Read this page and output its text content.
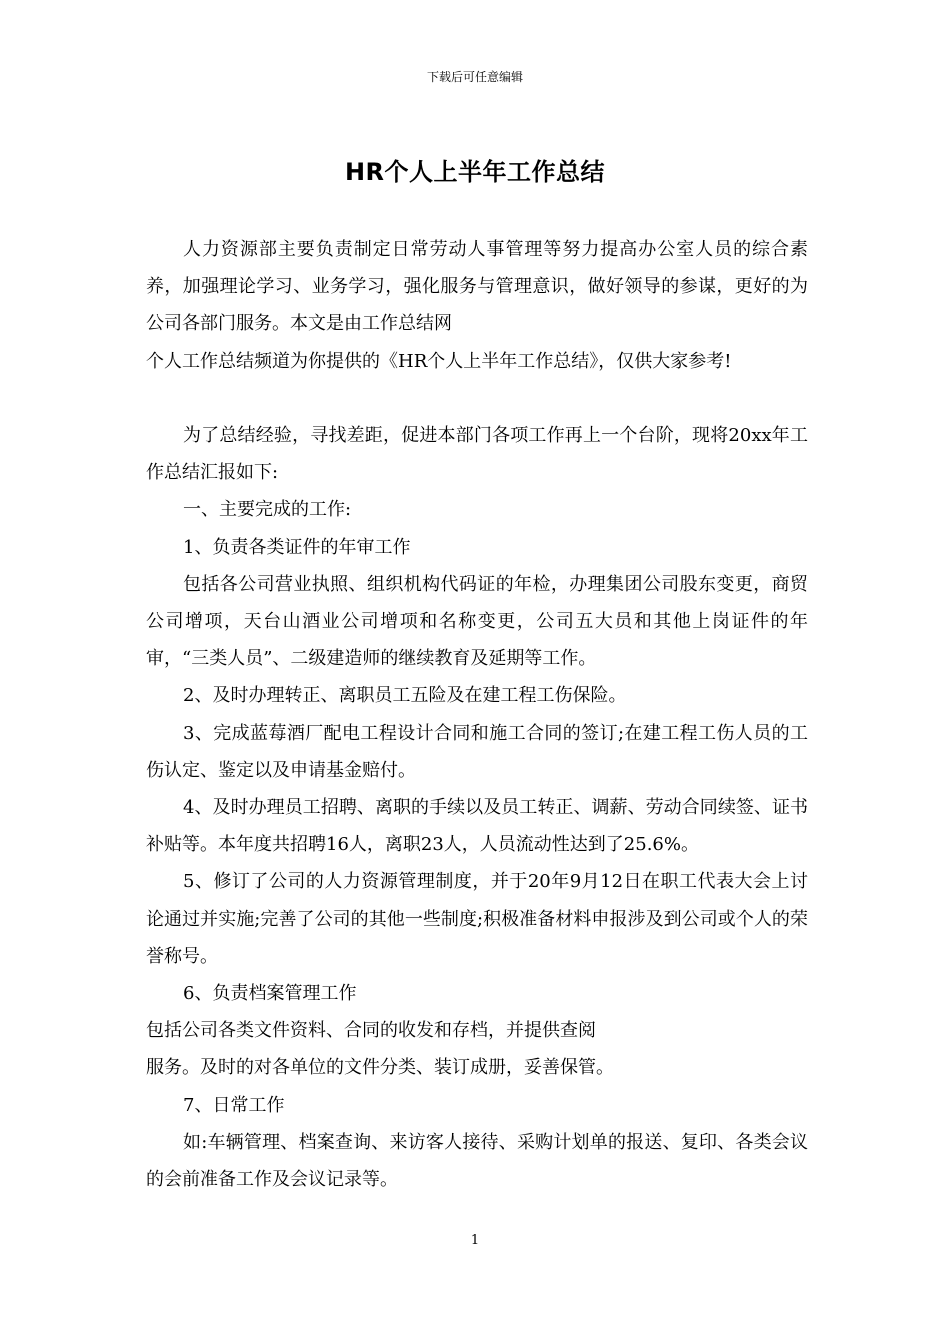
下载后可任意编辑
HR个人上半年工作总结

人力资源部主要负责制定日常劳动人事管理等努力提高办公室人员的综合素养，加强理论学习、业务学习，强化服务与管理意识，做好领导的参谋，更好的为公司各部门服务。本文是由工作总结网

个人工作总结频道为你提供的《HR个人上半年工作总结》，仅供大家参考!

为了总结经验，寻找差距，促进本部门各项工作再上一个台阶，现将20xx年工作总结汇报如下:

一、主要完成的工作:

1、负责各类证件的年审工作

包括各公司营业执照、组织机构代码证的年检，办理集团公司股东变更，商贸公司增项，天台山酒业公司增项和名称变更，公司五大员和其他上岗证件的年审，“三类人员”、二级建造师的继续教育及延期等工作。

2、及时办理转正、离职员工五险及在建工程工伤保险。

3、完成蓝莓酒厂配电工程设计合同和施工合同的签订;在建工程工伤人员的工伤认定、鉴定以及申请基金赔付。

4、及时办理员工招聘、离职的手续以及员工转正、调薪、劳动合同续签、证书补贴等。本年度共招聘16人，离职23人，人员流动性达到了25.6%。

5、修订了公司的人力资源管理制度，并于20年9月12日在职工代表大会上讨论通过并实施;完善了公司的其他一些制度;积极准备材料申报涉及到公司或个人的荣誉称号。

6、负责档案管理工作

包括公司各类文件资料、合同的收发和存档，并提供查阅

服务。及时的对各单位的文件分类、装订成册，妥善保管。

7、日常工作

如:车辆管理、档案查询、来访客人接待、采购计划单的报送、复印、各类会议的会前准备工作及会议记录等。

1
